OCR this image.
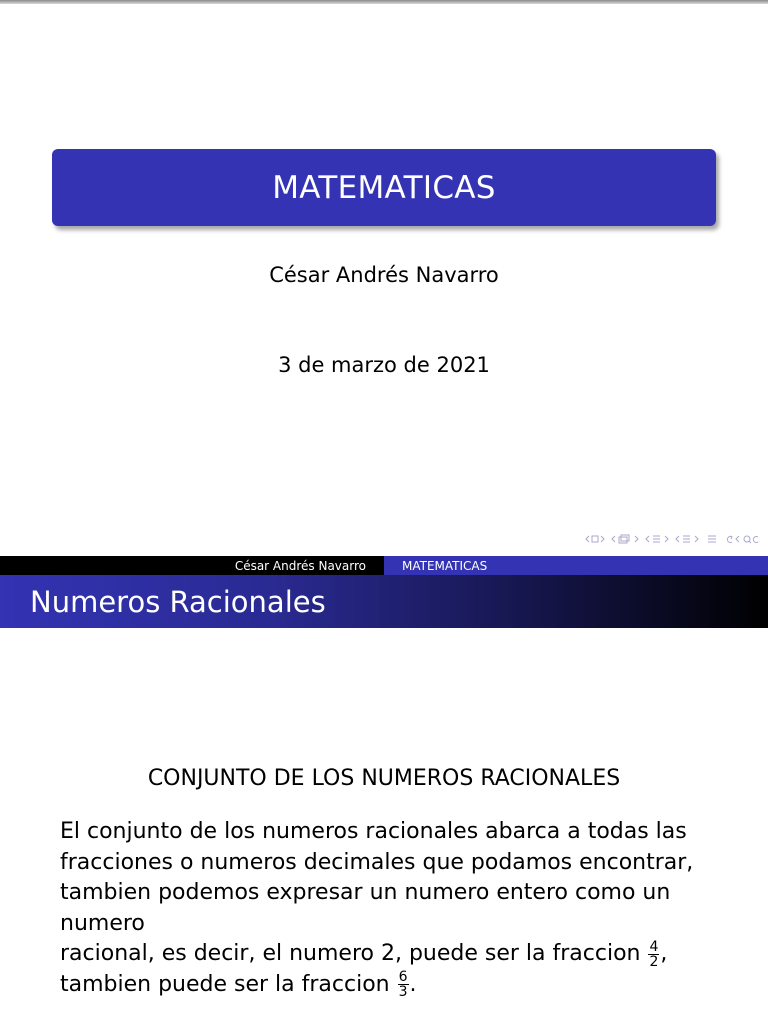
MATEMATICAS
César Andrés Navarro
3 de marzo de 2021
César Andrés Navarro	MATEMATICAS
Numeros Racionales
CONJUNTO DE LOS NUMEROS RACIONALES
El conjunto de los numeros racionales abarca a todas las
fracciones o numeros decimales que podamos encontrar,
tambien podemos expresar un numero entero como un numero
racional, es decir, el numero 2, puede ser la fraccion $\frac{4}{2}$ ,
tambien puede ser la fraccion $\frac{6}{3}$ .
